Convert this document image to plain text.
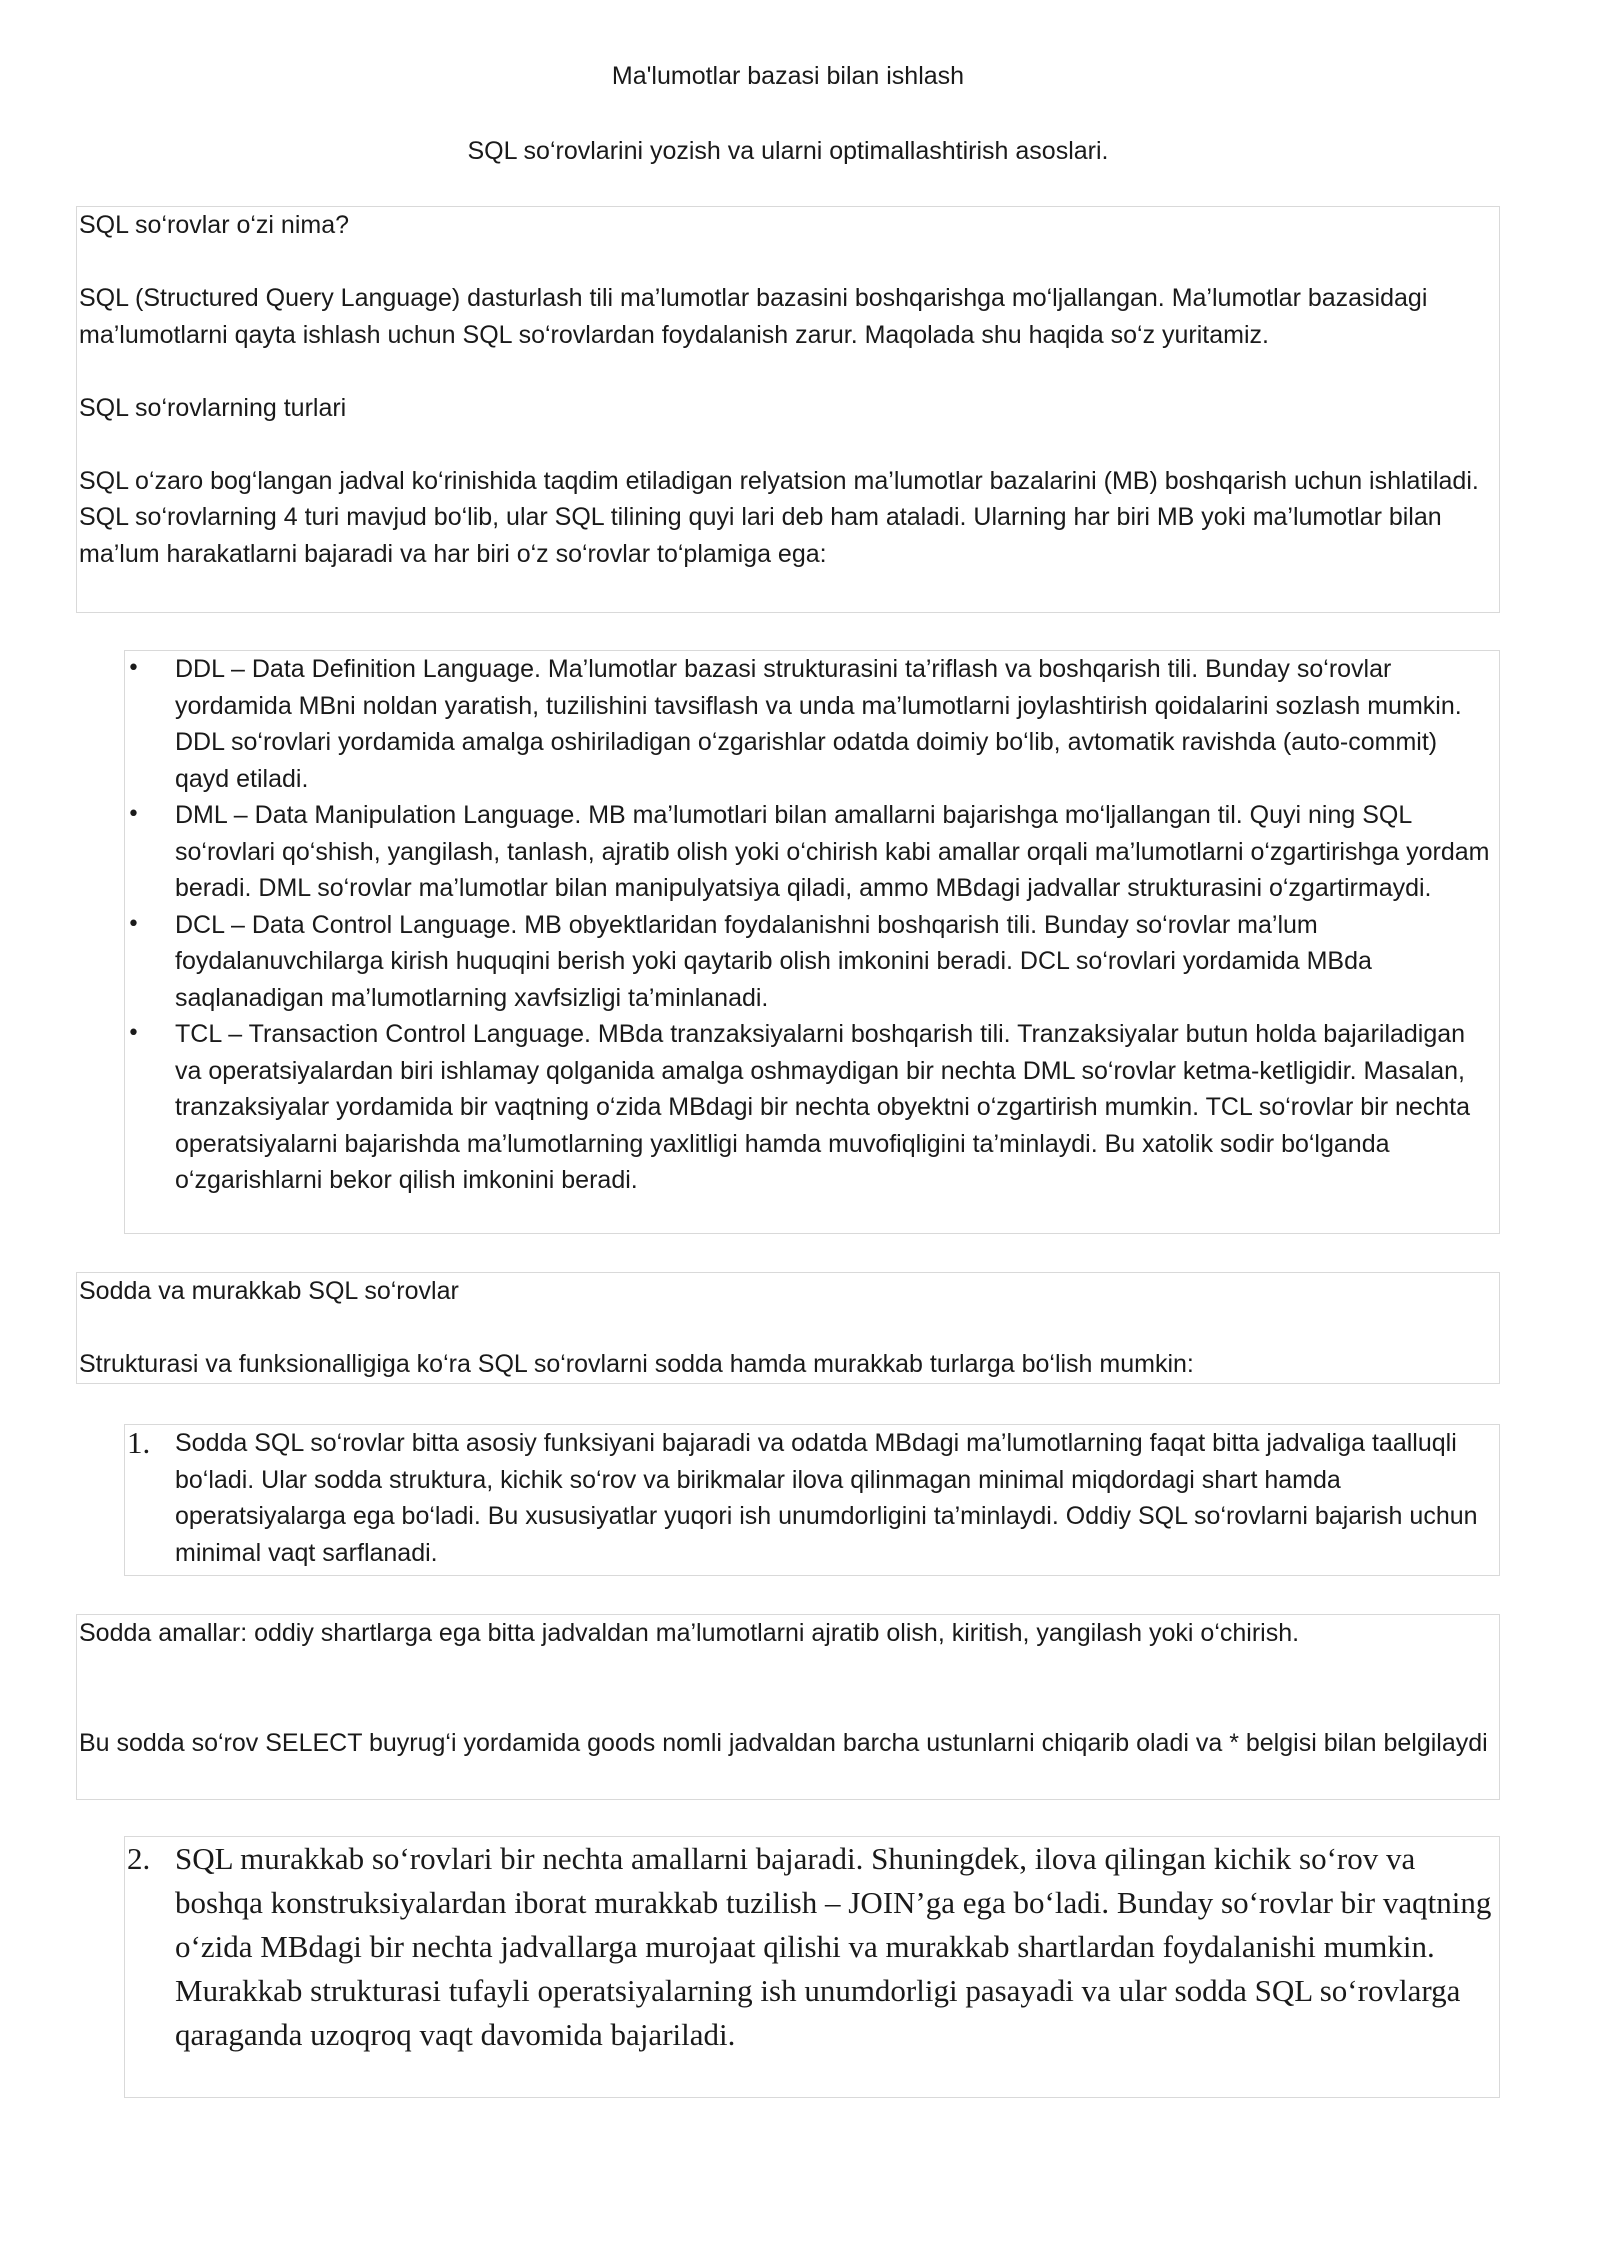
Ma'lumotlar bazasi bilan ishlash
SQL so‘rovlarini yozish va ularni optimallashtirish asoslari.

SQL so‘rovlar o‘zi nima?

SQL (Structured Query Language) dasturlash tili ma’lumotlar bazasini boshqarishga mo‘ljallangan. Ma’lumotlar bazasidagi ma’lumotlarni qayta ishlash uchun SQL so‘rovlardan foydalanish zarur. Maqolada shu haqida so‘z yuritamiz.

SQL so‘rovlarning turlari

SQL o‘zaro bog‘langan jadval ko‘rinishida taqdim etiladigan relyatsion ma’lumotlar bazalarini (MB) boshqarish uchun ishlatiladi. SQL so‘rovlarning 4 turi mavjud bo‘lib, ular SQL tilining quyi lari deb ham ataladi. Ularning har biri MB yoki ma’lumotlar bilan ma’lum harakatlarni bajaradi va har biri o‘z so‘rovlar to‘plamiga ega:

• DDL – Data Definition Language. Ma’lumotlar bazasi strukturasini ta’riflash va boshqarish tili. Bunday so‘rovlar yordamida MBni noldan yaratish, tuzilishini tavsiflash va unda ma’lumotlarni joylashtirish qoidalarini sozlash mumkin. DDL so‘rovlari yordamida amalga oshiriladigan o‘zgarishlar odatda doimiy bo‘lib, avtomatik ravishda (auto-commit) qayd etiladi.
• DML – Data Manipulation Language. MB ma’lumotlari bilan amallarni bajarishga mo‘ljallangan til. Quyi ning SQL so‘rovlari qo‘shish, yangilash, tanlash, ajratib olish yoki o‘chirish kabi amallar orqali ma’lumotlarni o‘zgartirishga yordam beradi. DML so‘rovlar ma’lumotlar bilan manipulyatsiya qiladi, ammo MBdagi jadvallar strukturasini o‘zgartirmaydi.
• DCL – Data Control Language. MB obyektlaridan foydalanishni boshqarish tili. Bunday so‘rovlar ma’lum foydalanuvchilarga kirish huquqini berish yoki qaytarib olish imkonini beradi. DCL so‘rovlari yordamida MBda saqlanadigan ma’lumotlarning xavfsizligi ta’minlanadi.
• TCL – Transaction Control Language. MBda tranzaksiyalarni boshqarish tili. Tranzaksiyalar butun holda bajariladigan va operatsiyalardan biri ishlamay qolganida amalga oshmaydigan bir nechta DML so‘rovlar ketma-ketligidir. Masalan, tranzaksiyalar yordamida bir vaqtning o‘zida MBdagi bir nechta obyektni o‘zgartirish mumkin. TCL so‘rovlar bir nechta operatsiyalarni bajarishda ma’lumotlarning yaxlitligi hamda muvofiqligini ta’minlaydi. Bu xatolik sodir bo‘lganda o‘zgarishlarni bekor qilish imkonini beradi.

Sodda va murakkab SQL so‘rovlar

Strukturasi va funksionalligiga ko‘ra SQL so‘rovlarni sodda hamda murakkab turlarga bo‘lish mumkin:

1. Sodda SQL so‘rovlar bitta asosiy funksiyani bajaradi va odatda MBdagi ma’lumotlarning faqat bitta jadvaliga taalluqli bo‘ladi. Ular sodda struktura, kichik so‘rov va birikmalar ilova qilinmagan minimal miqdordagi shart hamda operatsiyalarga ega bo‘ladi. Bu xususiyatlar yuqori ish unumdorligini ta’minlaydi. Oddiy SQL so‘rovlarni bajarish uchun minimal vaqt sarflanadi.

Sodda amallar: oddiy shartlarga ega bitta jadvaldan ma’lumotlarni ajratib olish, kiritish, yangilash yoki o‘chirish.

Bu sodda so‘rov SELECT buyrug‘i yordamida goods nomli jadvaldan barcha ustunlarni chiqarib oladi va * belgisi bilan belgilaydi

2. SQL murakkab so‘rovlari bir nechta amallarni bajaradi. Shuningdek, ilova qilingan kichik so‘rov va boshqa konstruksiyalardan iborat murakkab tuzilish – JOIN’ga ega bo‘ladi. Bunday so‘rovlar bir vaqtning o‘zida MBdagi bir nechta jadvallarga murojaat qilishi va murakkab shartlardan foydalanishi mumkin. Murakkab strukturasi tufayli operatsiyalarning ish unumdorligi pasayadi va ular sodda SQL so‘rovlarga qaraganda uzoqroq vaqt davomida bajariladi.
